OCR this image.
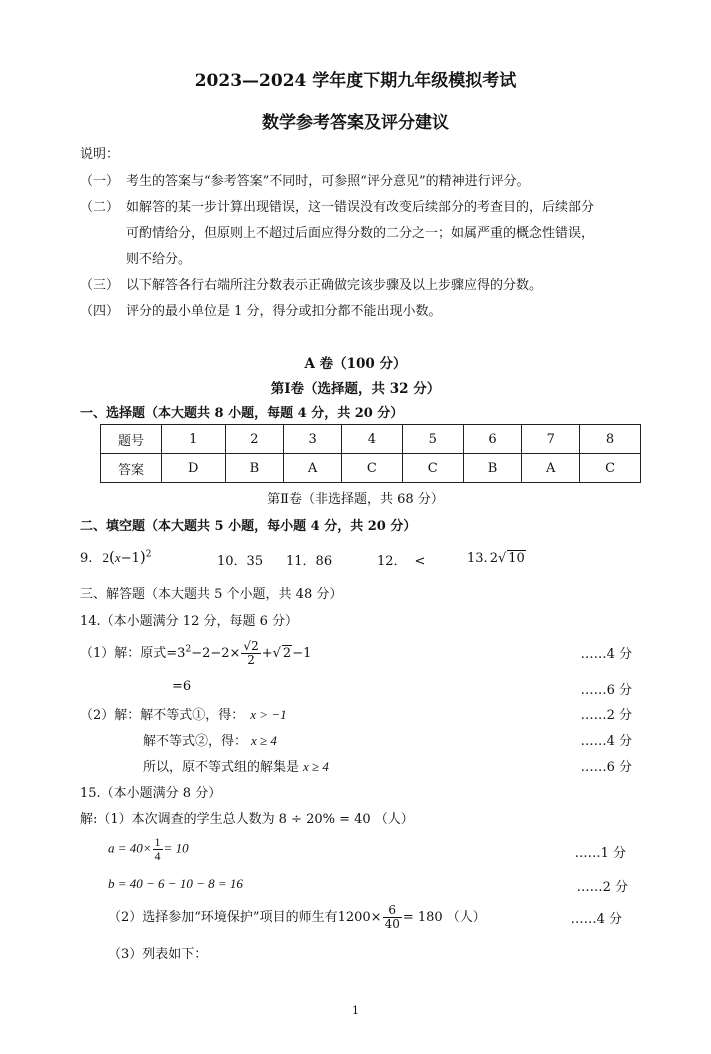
2023—2024 学年度下期九年级模拟考试
数学参考答案及评分建议
说明：
（一） 考生的答案与“参考答案”不同时，可参照“评分意见”的精神进行评分。
（二） 如解答的某一步计算出现错误，这一错误没有改变后续部分的考查目的，后续部分
可酌情给分，但原则上不超过后面应得分数的二分之一；如属严重的概念性错误，
则不给分。
（三） 以下解答各行右端所注分数表示正确做完该步骤及以上步骤应得的分数。
（四） 评分的最小单位是 1 分，得分或扣分都不能出现小数。
A 卷（100 分）
第Ⅰ卷（选择题，共 32 分）
一、选择题（本大题共 8 小题，每题 4 分，共 20 分）
题号	1	2	3	4	5	6	7	8
答案	D	B	A	C	C	B	A	C
第Ⅱ卷（非选择题，共 68 分）
二、填空题（本大题共 5 小题，每小题 4 分，共 20 分）
9. $2(x-1)^2$	10．35 11．86	12． <	13. 2√ 10
三、解答题（本大题共 5 个小题，共 48 分）
14.（本小题满分 12 分，每题 6 分）
（1）解：原式$=3^2-2-2\times \frac{√2}{2}$ +√ 2−1	……4 分
=6	……6 分
（2）解：解不等式①，得： x > −1	……2 分
解不等式②，得： x ≥ 4	……4 分
所以，原不等式组的解集是 x ≥ 4	……6 分
15.（本小题满分 8 分）
解:（1）本次调查的学生总人数为 8 ÷ 20% = 40 （人）
$a = 40\times \frac{1}{4} = 10$	……1 分
b = 40 − 6 − 10 − 8 = 16	……2 分
（2）选择参加“环境保护”项目的师生有$1200\times \frac{6}{40} = 180$ （人）	……4 分
（3）列表如下：
1
